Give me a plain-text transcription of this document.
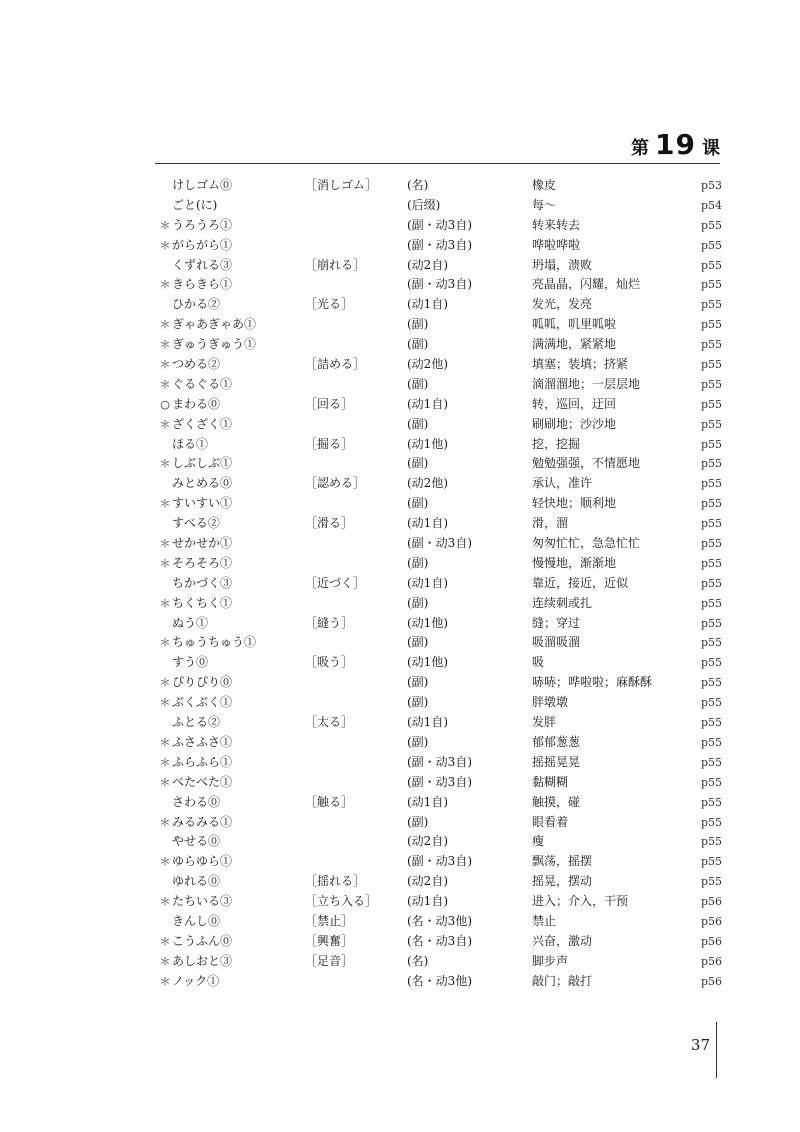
第 19 课
けしゴム⓪	［消しゴム］ (名)	橡皮	p53
ごと(に)	(后缀)	每～	p54
＊ うろうろ①	(副・动3自)	转来转去	p55
＊ がらがら①	(副・动3自)	哗啦哗啦	p55
くずれる③	［崩れる］	(动2自)	坍塌，溃败	p55
＊ きらきら①	(副・动3自)	亮晶晶，闪耀，灿烂	p55
ひかる②	［光る］	(动1自)	发光，发亮	p55
＊ ぎゃあぎゃあ①	(副)	呱呱，叽里呱啦	p55
＊ ぎゅうぎゅう①	(副)	满满地，紧紧地	p55
＊ つめる②	［詰める］	(动2他)	填塞；装填；挤紧	p55
＊ ぐるぐる①	(副)	滴溜溜地；一层层地	p55
○ まわる⓪	［回る］	(动1自)	转，巡回，迂回	p55
＊ ざくざく①	(副)	刷刷地；沙沙地	p55
ほる①	［掘る］	(动1他)	挖，挖掘	p55
＊ しぶしぶ①	(副)	勉勉强强，不情愿地	p55
みとめる⓪	［認める］	(动2他)	承认，准许	p55
＊ すいすい①	(副)	轻快地；顺利地	p55
すべる②	［滑る］	(动1自)	滑，溜	p55
＊ せかせか①	(副・动3自)	匆匆忙忙，急急忙忙	p55
＊ そろそろ①	(副)	慢慢地，渐渐地	p55
ちかづく③	［近づく］	(动1自)	靠近，接近，近似	p55
＊ ちくちく①	(副)	连续刺或扎	p55
ぬう①	［縫う］	(动1他)	缝；穿过	p55
＊ ちゅうちゅう①	(副)	吸溜吸溜	p55
すう⓪	［吸う］	(动1他)	吸	p55
＊ ぴりぴり⓪	(副)	哧哧；哗啦啦；麻酥酥	p55
＊ ぶくぶく①	(副)	胖墩墩	p55
ふとる②	［太る］	(动1自)	发胖	p55
＊ ふさふさ①	(副)	郁郁葱葱	p55
＊ ふらふら①	(副・动3自)	摇摇晃晃	p55
＊ べたべた①	(副・动3自)	黏糊糊	p55
さわる⓪	［触る］	(动1自)	触摸，碰	p55
＊ みるみる①	(副)	眼看着	p55
やせる⓪	(动2自)	瘦	p55
＊ ゆらゆら①	(副・动3自)	飘荡，摇摆	p55
ゆれる⓪	［揺れる］	(动2自)	摇晃，摆动	p55
＊ たちいる③	［立ち入る］ (动1自)	进入；介入，干预	p56
きんし⓪	［禁止］	(名・动3他)	禁止	p56
＊ こうふん⓪	［興奮］	(名・动3自)	兴奋，激动	p56
＊ あしおと③	［足音］	(名)	脚步声	p56
＊ ノック①	(名・动3他)	敲门；敲打	p56
37
